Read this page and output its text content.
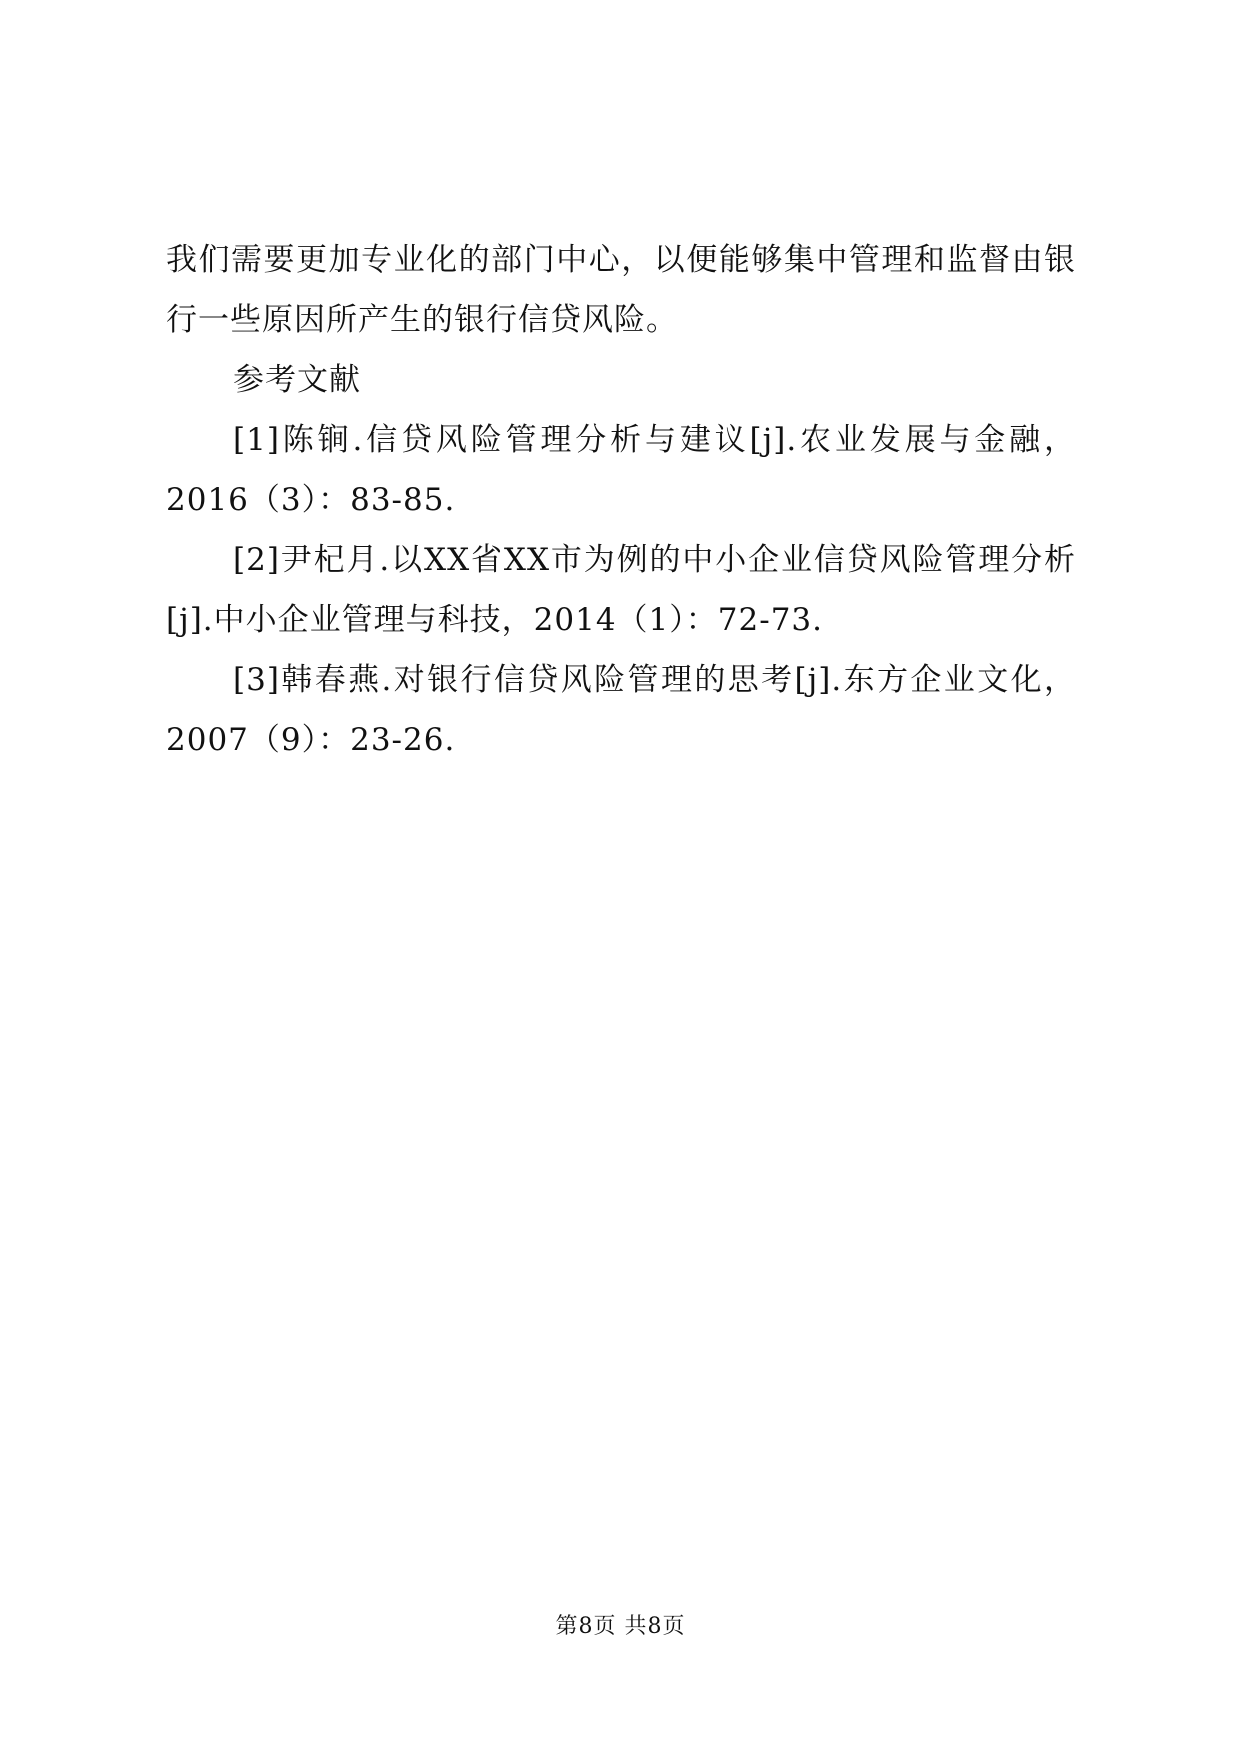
我们需要更加专业化的部门中心，以便能够集中管理和监督由银行一些原因所产生的银行信贷风险。

参考文献

[1]陈锏.信贷风险管理分析与建议[j].农业发展与金融，2016（3）：83-85.

[2]尹杞月.以XX省XX市为例的中小企业信贷风险管理分析[j].中小企业管理与科技，2014（1）：72-73.

[3]韩春燕.对银行信贷风险管理的思考[j].东方企业文化，2007（9）：23-26.

第8页 共8页
